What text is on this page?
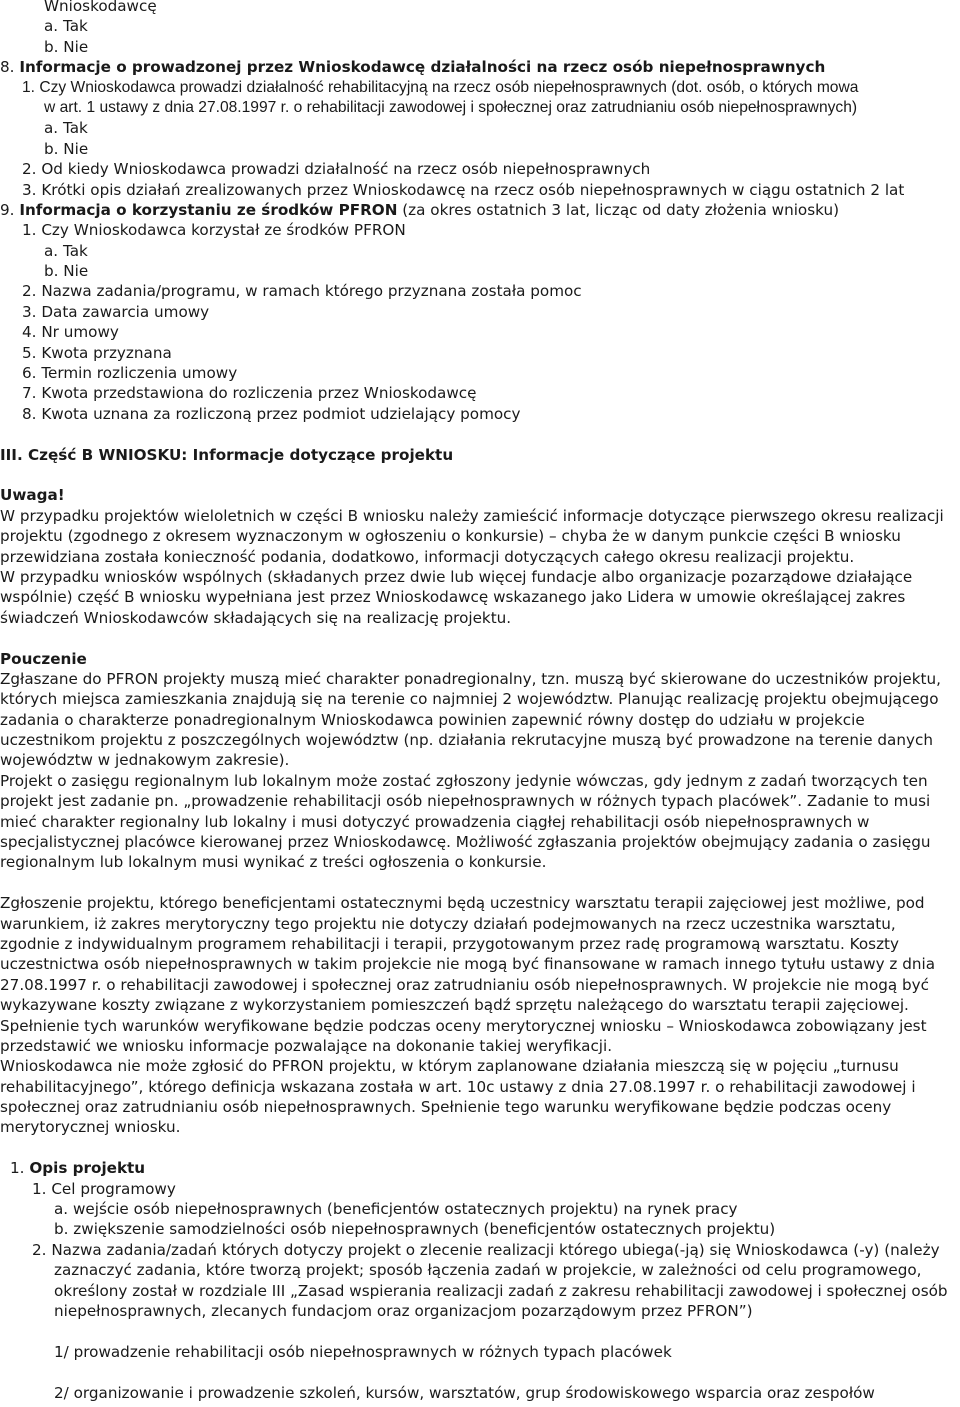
Wnioskodawcę
a. Tak
b. Nie
8. Informacje o prowadzonej przez Wnioskodawcę działalności na rzecz osób niepełnosprawnych
1. Czy Wnioskodawca prowadzi działalność rehabilitacyjną na rzecz osób niepełnosprawnych (dot. osób, o których mowa
w art. 1 ustawy z dnia 27.08.1997 r. o rehabilitacji zawodowej i społecznej oraz zatrudnianiu osób niepełnosprawnych)
a. Tak
b. Nie
2. Od kiedy Wnioskodawca prowadzi działalność na rzecz osób niepełnosprawnych
3. Krótki opis działań zrealizowanych przez Wnioskodawcę na rzecz osób niepełnosprawnych w ciągu ostatnich 2 lat
9. Informacja o korzystaniu ze środków PFRON (za okres ostatnich 3 lat, licząc od daty złożenia wniosku)
1. Czy Wnioskodawca korzystał ze środków PFRON
a. Tak
b. Nie
2. Nazwa zadania/programu, w ramach którego przyznana została pomoc
3. Data zawarcia umowy
4. Nr umowy
5. Kwota przyznana
6. Termin rozliczenia umowy
7. Kwota przedstawiona do rozliczenia przez Wnioskodawcę
8. Kwota uznana za rozliczoną przez podmiot udzielający pomocy
III. Część B WNIOSKU: Informacje dotyczące projektu
Uwaga!
W przypadku projektów wieloletnich w części B wniosku należy zamieścić informacje dotyczące pierwszego okresu realizacji
projektu (zgodnego z okresem wyznaczonym w ogłoszeniu o konkursie) – chyba że w danym punkcie części B wniosku
przewidziana została konieczność podania, dodatkowo, informacji dotyczących całego okresu realizacji projektu.
W przypadku wniosków wspólnych (składanych przez dwie lub więcej fundacje albo organizacje pozarządowe działające
wspólnie) część B wniosku wypełniana jest przez Wnioskodawcę wskazanego jako Lidera w umowie określającej zakres
świadczeń Wnioskodawców składających się na realizację projektu.
Pouczenie
Zgłaszane do PFRON projekty muszą mieć charakter ponadregionalny, tzn. muszą być skierowane do uczestników projektu,
których miejsca zamieszkania znajdują się na terenie co najmniej 2 województw. Planując realizację projektu obejmującego
zadania o charakterze ponadregionalnym Wnioskodawca powinien zapewnić równy dostęp do udziału w projekcie
uczestnikom projektu z poszczególnych województw (np. działania rekrutacyjne muszą być prowadzone na terenie danych
województw w jednakowym zakresie).
Projekt o zasięgu regionalnym lub lokalnym może zostać zgłoszony jedynie wówczas, gdy jednym z zadań tworzących ten
projekt jest zadanie pn. „prowadzenie rehabilitacji osób niepełnosprawnych w różnych typach placówek”. Zadanie to musi
mieć charakter regionalny lub lokalny i musi dotyczyć prowadzenia ciągłej rehabilitacji osób niepełnosprawnych w
specjalistycznej placówce kierowanej przez Wnioskodawcę. Możliwość zgłaszania projektów obejmujący zadania o zasięgu
regionalnym lub lokalnym musi wynikać z treści ogłoszenia o konkursie.
Zgłoszenie projektu, którego beneficjentami ostatecznymi będą uczestnicy warsztatu terapii zajęciowej jest możliwe, pod
warunkiem, iż zakres merytoryczny tego projektu nie dotyczy działań podejmowanych na rzecz uczestnika warsztatu,
zgodnie z indywidualnym programem rehabilitacji i terapii, przygotowanym przez radę programową warsztatu. Koszty
uczestnictwa osób niepełnosprawnych w takim projekcie nie mogą być finansowane w ramach innego tytułu ustawy z dnia
27.08.1997 r. o rehabilitacji zawodowej i społecznej oraz zatrudnianiu osób niepełnosprawnych. W projekcie nie mogą być
wykazywane koszty związane z wykorzystaniem pomieszczeń bądź sprzętu należącego do warsztatu terapii zajęciowej.
Spełnienie tych warunków weryfikowane będzie podczas oceny merytorycznej wniosku – Wnioskodawca zobowiązany jest
przedstawić we wniosku informacje pozwalające na dokonanie takiej weryfikacji.
Wnioskodawca nie może zgłosić do PFRON projektu, w którym zaplanowane działania mieszczą się w pojęciu „turnusu
rehabilitacyjnego”, którego definicja wskazana została w art. 10c ustawy z dnia 27.08.1997 r. o rehabilitacji zawodowej i
społecznej oraz zatrudnianiu osób niepełnosprawnych. Spełnienie tego warunku weryfikowane będzie podczas oceny
merytorycznej wniosku.
1. Opis projektu
1. Cel programowy
a. wejście osób niepełnosprawnych (beneficjentów ostatecznych projektu) na rynek pracy
b. zwiększenie samodzielności osób niepełnosprawnych (beneficjentów ostatecznych projektu)
2. Nazwa zadania/zadań których dotyczy projekt o zlecenie realizacji którego ubiega(-ją) się Wnioskodawca (-y) (należy
zaznaczyć zadania, które tworzą projekt; sposób łączenia zadań w projekcie, w zależności od celu programowego,
określony został w rozdziale III „Zasad wspierania realizacji zadań z zakresu rehabilitacji zawodowej i społecznej osób
niepełnosprawnych, zlecanych fundacjom oraz organizacjom pozarządowym przez PFRON”)
1/ prowadzenie rehabilitacji osób niepełnosprawnych w różnych typach placówek
2/ organizowanie i prowadzenie szkoleń, kursów, warsztatów, grup środowiskowego wsparcia oraz zespołów
